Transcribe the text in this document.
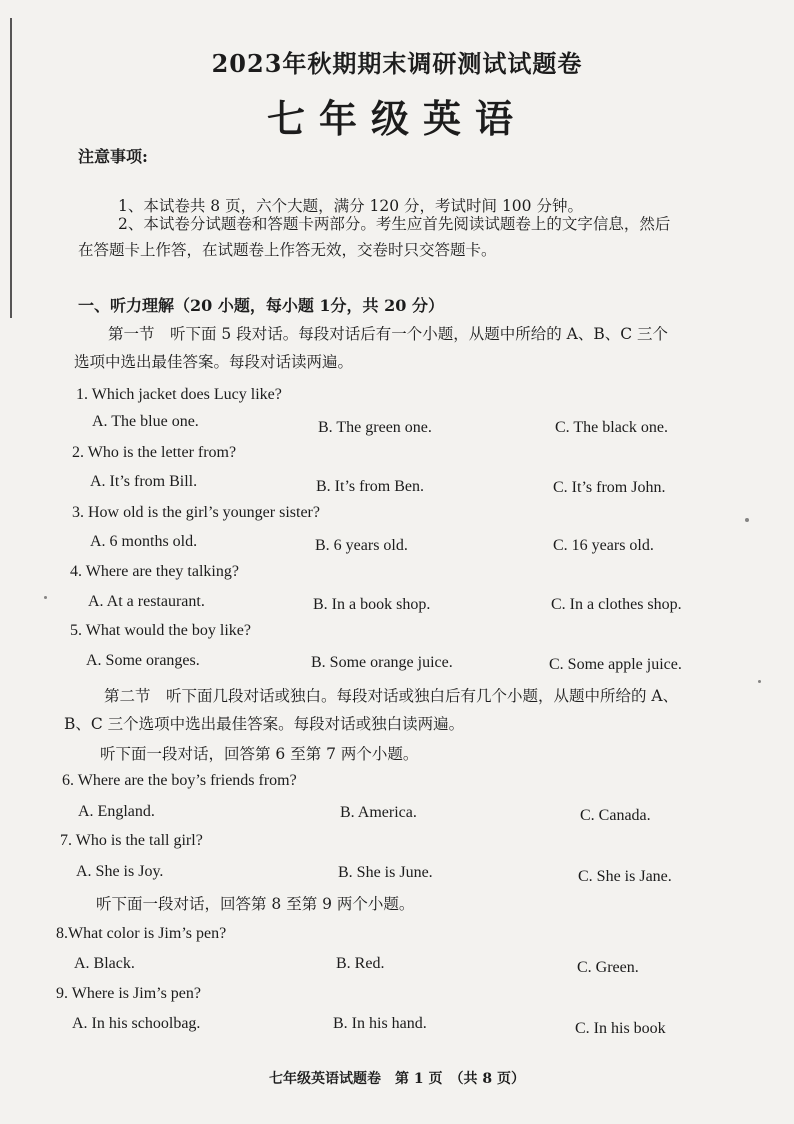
2023年秋期期末调研测试试题卷
七年级英语
注意事项:
1、本试卷共 8 页，六个大题，满分 120 分，考试时间 100 分钟。
2、本试卷分试题卷和答题卡两部分。考生应首先阅读试题卷上的文字信息，然后
在答题卡上作答，在试题卷上作答无效，交卷时只交答题卡。
一、听力理解（20 小题，每小题 1分，共 20 分）
第一节　听下面 5 段对话。每段对话后有一个小题，从题中所给的 A、B、C 三个
选项中选出最佳答案。每段对话读两遍。
1. Which jacket does Lucy like?
A. The blue one.	B. The green one.	C. The black one.
2. Who is the letter from?
A. It’s from Bill.	B. It’s from Ben.	C. It’s from John.
3. How old is the girl’s younger sister?
A. 6 months old.	B. 6 years old.	C. 16 years old.
4. Where are they talking?
A. At a restaurant.	B. In a book shop.	C. In a clothes shop.
5. What would the boy like?
A. Some oranges.	B. Some orange juice.	C. Some apple juice.
第二节　听下面几段对话或独白。每段对话或独白后有几个小题，从题中所给的 A、
B、C 三个选项中选出最佳答案。每段对话或独白读两遍。
听下面一段对话，回答第 6 至第 7 两个小题。
6. Where are the boy’s friends from?
A. England.	B. America.	C. Canada.
7. Who is the tall girl?
A. She is Joy.	B. She is June.	C. She is Jane.
听下面一段对话，回答第 8 至第 9 两个小题。
8.What color is Jim’s pen?
A. Black.	B. Red.	C. Green.
9. Where is Jim’s pen?
A. In his schoolbag.	B. In his hand.	C. In his book
七年级英语试题卷　第 1 页　（共 8 页）
